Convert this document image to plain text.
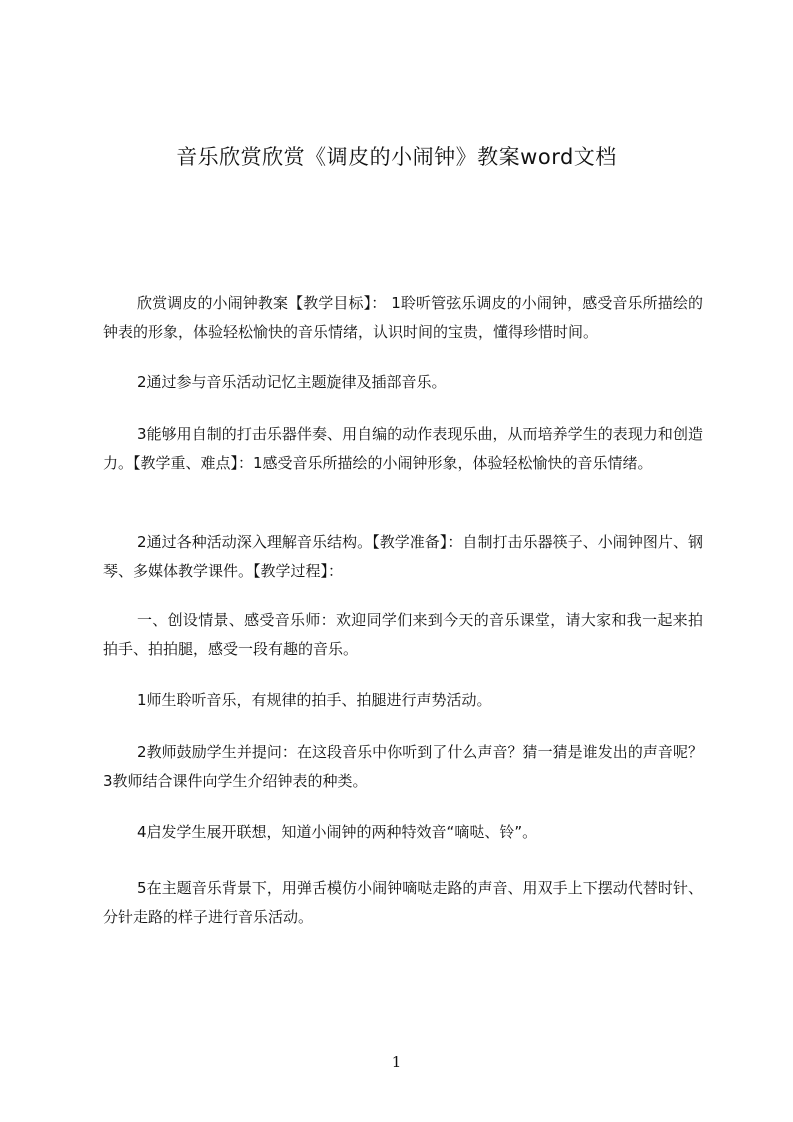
音乐欣赏欣赏《调皮的小闹钟》教案word文档

欣赏调皮的小闹钟教案【教学目标】： 1聆听管弦乐调皮的小闹钟，感受音乐所描绘的钟表的形象，体验轻松愉快的音乐情绪，认识时间的宝贵，懂得珍惜时间。

2通过参与音乐活动记忆主题旋律及插部音乐。

3能够用自制的打击乐器伴奏、用自编的动作表现乐曲，从而培养学生的表现力和创造力。【教学重、难点】：1感受音乐所描绘的小闹钟形象，体验轻松愉快的音乐情绪。

2通过各种活动深入理解音乐结构。【教学准备】：自制打击乐器筷子、小闹钟图片、钢琴、多媒体教学课件。【教学过程】：

一、创设情景、感受音乐师：欢迎同学们来到今天的音乐课堂，请大家和我一起来拍拍手、拍拍腿，感受一段有趣的音乐。

1师生聆听音乐，有规律的拍手、拍腿进行声势活动。

2教师鼓励学生并提问：在这段音乐中你听到了什么声音？猜一猜是谁发出的声音呢？3教师结合课件向学生介绍钟表的种类。

4启发学生展开联想，知道小闹钟的两种特效音“嘀哒、铃”。

5在主题音乐背景下，用弹舌模仿小闹钟嘀哒走路的声音、用双手上下摆动代替时针、分针走路的样子进行音乐活动。

1
